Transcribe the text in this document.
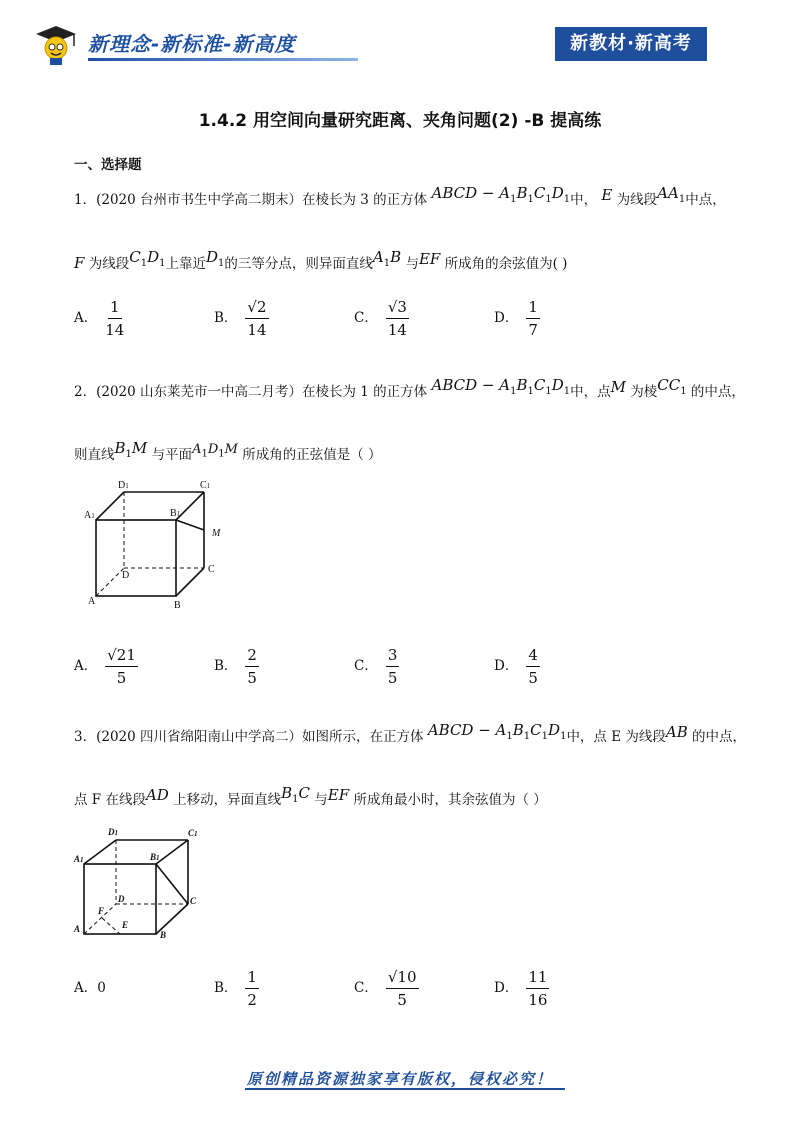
新理念-新标准-新高度	新教材·新高考
1.4.2 用空间向量研究距离、夹角问题(2) -B 提高练
一、选择题
1．(2020 台州市书生中学高二期末）在棱长为 3 的正方体 ABCD − $A_1B_1C_1D_1$中， E 为线段$AA_1$中点，
F 为线段$C_1D_1$上靠近$D_1$的三等分点，则异面直线$A_1B$ 与EF 所成角的余弦值为( )
A． $\frac{1}{14}$	B． $\frac{√2}{14}$	C． $\frac{√3}{14}$	D． $\frac{1}{7}$
2．(2020 山东莱芜市一中高二月考）在棱长为 1 的正方体 ABCD − $A_1B_1C_1D_1$中，点M 为棱$CC_1$ 的中点，
则直线$B_1M$ 与平面$A_1D_1M$ 所成角的正弦值是（ ）
D1	C1
A1	B1
M
C
D
A	B
A． $\frac{√21}{5}$	B． $\frac{2}{5}$	C． $\frac{3}{5}$	D． $\frac{4}{5}$
3．(2020 四川省绵阳南山中学高二）如图所示，在正方体 ABCD − $A_1B_1C_1D_1$中，点 E 为线段AB 的中点，
点 F 在线段AD 上移动，异面直线$B_1C$ 与EF 所成角最小时，其余弦值为（ ）
D1	C1
A1	B1
D	C
F
A	E
B
A．0	B． $\frac{1}{2}$	C． $\frac{√10}{5}$	D． $\frac{11}{16}$
原创精品资源独家享有版权，侵权必究！
